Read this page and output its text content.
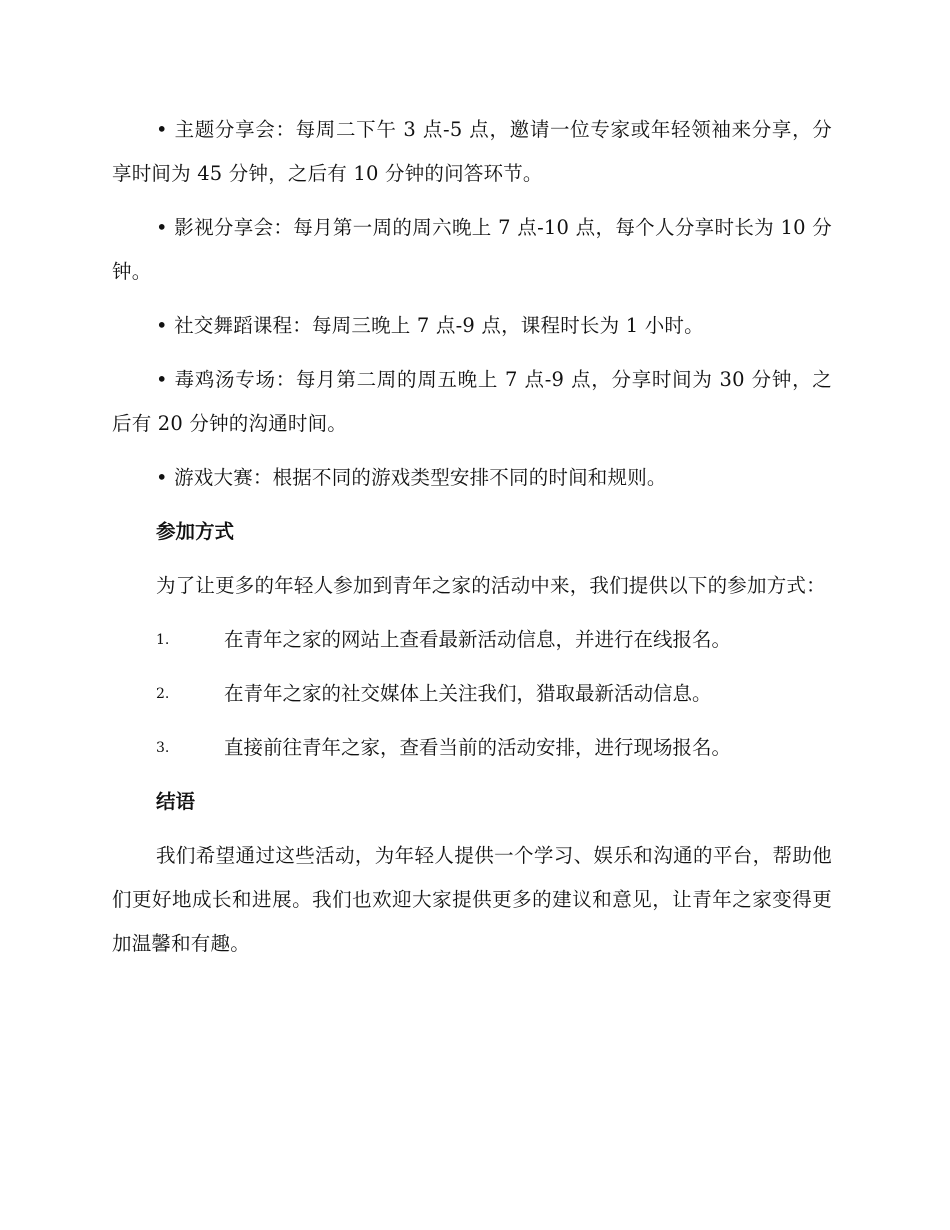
• 主题分享会：每周二下午 3 点-5 点，邀请一位专家或年轻领袖来分享，分享时间为 45 分钟，之后有 10 分钟的问答环节。

• 影视分享会：每月第一周的周六晚上 7 点-10 点，每个人分享时长为 10 分钟。

• 社交舞蹈课程：每周三晚上 7 点-9 点，课程时长为 1 小时。

• 毒鸡汤专场：每月第二周的周五晚上 7 点-9 点，分享时间为 30 分钟，之后有 20 分钟的沟通时间。

• 游戏大赛：根据不同的游戏类型安排不同的时间和规则。

参加方式

为了让更多的年轻人参加到青年之家的活动中来，我们提供以下的参加方式：

1.	在青年之家的网站上查看最新活动信息，并进行在线报名。
2.	在青年之家的社交媒体上关注我们，猎取最新活动信息。
3.	直接前往青年之家，查看当前的活动安排，进行现场报名。
结语

我们希望通过这些活动，为年轻人提供一个学习、娱乐和沟通的平台，帮助他们更好地成长和进展。我们也欢迎大家提供更多的建议和意见，让青年之家变得更加温馨和有趣。
